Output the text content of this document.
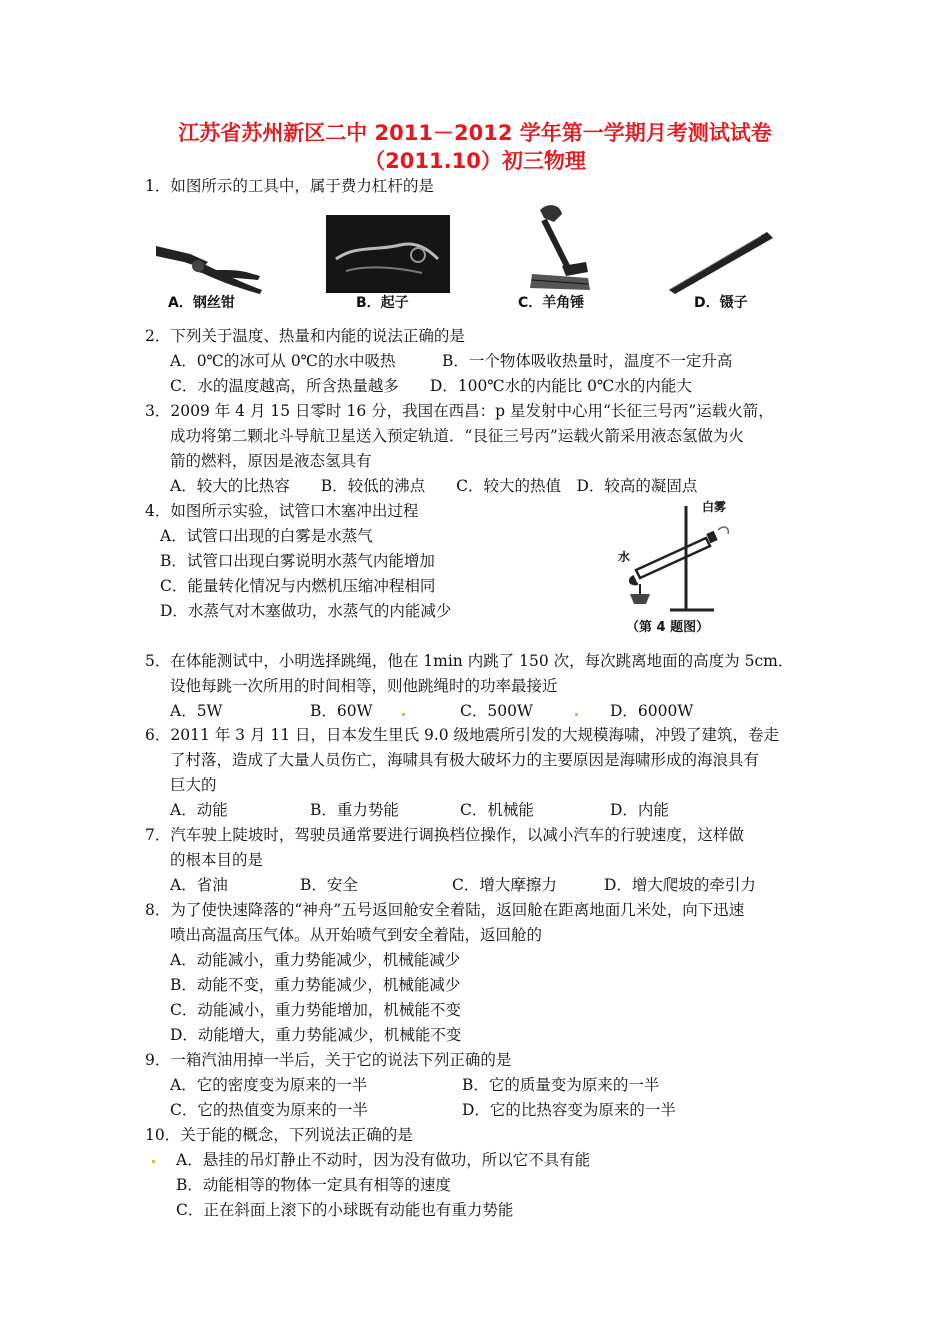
江苏省苏州新区二中 2011－2012 学年第一学期月考测试试卷
（2011.10）初三物理
1．如图所示的工具中，属于费力杠杆的是
A．钢丝钳	B．起子	C．羊角锤	D．镊子
2．下列关于温度、热量和内能的说法正确的是
A．0℃的冰可从 0℃的水中吸热　　　B．一个物体吸收热量时，温度不一定升高
C．水的温度越高，所含热量越多　　D．100℃水的内能比 0℃水的内能大
3．2009 年 4 月 15 日零时 16 分，我国在西昌：p 星发射中心用“长征三号丙”运载火箭，
成功将第二颗北斗导航卫星送入预定轨道．“艮征三号丙”运载火箭采用液态氢做为火
箭的燃料，原因是液态氢具有
A．较大的比热容　　B．较低的沸点　　C．较大的热值　D．较高的凝固点
4．如图所示实验，试管口木塞冲出过程
A．试管口出现的白雾是水蒸气
B．试管口出现白雾说明水蒸气内能增加
C．能量转化情况与内燃机压缩冲程相同
D．水蒸气对木塞做功，水蒸气的内能减少
白雾
水
（第 4 题图）
5．在体能测试中，小明选择跳绳，他在 1min 内跳了 150 次，每次跳离地面的高度为 5cm．
设他每跳一次所用的时间相等，则他跳绳时的功率最接近
A．5W	B．60W	C．500W	D．6000W
6．2011 年 3 月 11 日，日本发生里氏 9.0 级地震所引发的大规模海啸，冲毁了建筑，卷走
了村落，造成了大量人员伤亡，海啸具有极大破坏力的主要原因是海啸形成的海浪具有
巨大的
A．动能	B．重力势能	C．机械能	D．内能
7．汽车驶上陡坡时，驾驶员通常要进行调换档位操作，以减小汽车的行驶速度，这样做
的根本目的是
A．省油	B．安全	C．增大摩擦力	D．增大爬坡的牵引力
8．为了使快速降落的“神舟”五号返回舱安全着陆，返回舱在距离地面几米处，向下迅速
喷出高温高压气体。从开始喷气到安全着陆，返回舱的
A．动能减小，重力势能减少，机械能减少
B．动能不变，重力势能减少，机械能减少
C．动能减小，重力势能增加，机械能不变
D．动能增大，重力势能减少，机械能不变
9．一箱汽油用掉一半后，关于它的说法下列正确的是
A．它的密度变为原来的一半	B．它的质量变为原来的一半
C．它的热值变为原来的一半	D．它的比热容变为原来的一半
10．关于能的概念，下列说法正确的是
A．悬挂的吊灯静止不动时，因为没有做功，所以它不具有能
B．动能相等的物体一定具有相等的速度
C．正在斜面上滚下的小球既有动能也有重力势能
